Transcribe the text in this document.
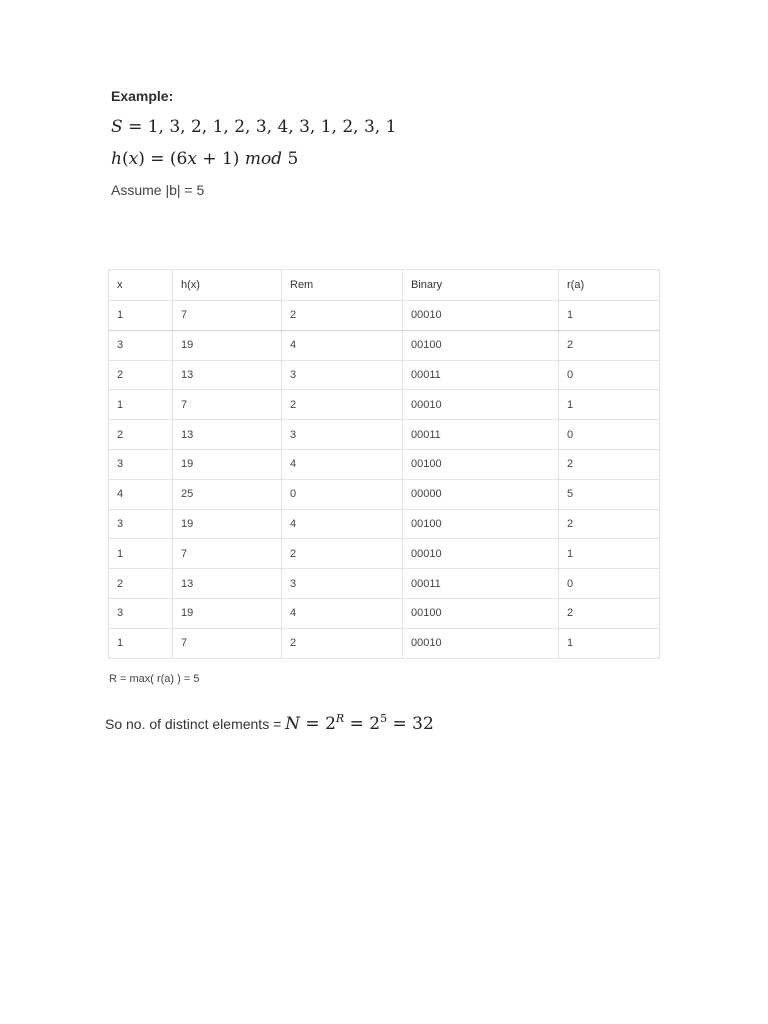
Example:
S = 1, 3, 2, 1, 2, 3, 4, 3, 1, 2, 3, 1
h(x) = (6x + 1) mod 5
Assume |b| = 5
x	h(x)	Rem	Binary	r(a)
1	7	2	00010	1
3	19	4	00100	2
2	13	3	00011	0
1	7	2	00010	1
2	13	3	00011	0
3	19	4	00100	2
4	25	0	00000	5
3	19	4	00100	2
1	7	2	00010	1
2	13	3	00011	0
3	19	4	00100	2
1	7	2	00010	1
R = max( r(a) ) = 5
So no. of distinct elements = $N = 2^R = 2^5 = 32$
